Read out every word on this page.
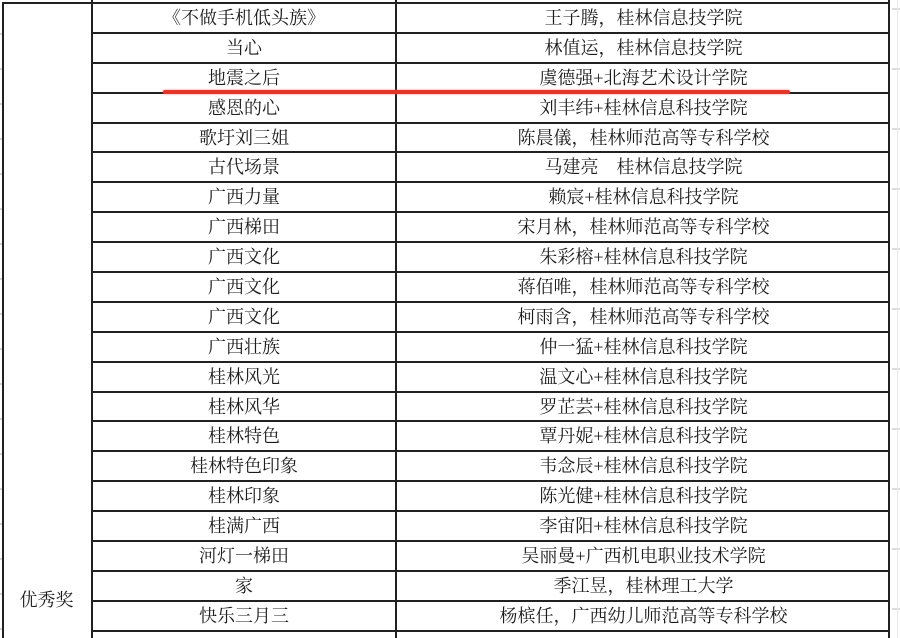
优秀奖
《不做手机低头族》	王子腾，桂林信息技学院
当心	林值运，桂林信息技学院
地震之后	虞德强+北海艺术设计学院
感恩的心	刘丰纬+桂林信息科技学院
歌圩刘三姐	陈晨儀，桂林师范高等专科学校
古代场景	马建亮　桂林信息技学院
广西力量	赖宸+桂林信息科技学院
广西梯田	宋月林，桂林师范高等专科学校
广西文化	朱彩榕+桂林信息科技学院
广西文化	蒋佰唯，桂林师范高等专科学校
广西文化	柯雨含，桂林师范高等专科学校
广西壮族	仲一猛+桂林信息科技学院
桂林风光	温文心+桂林信息科技学院
桂林风华	罗芷芸+桂林信息科技学院
桂林特色	覃丹妮+桂林信息科技学院
桂林特色印象	韦念辰+桂林信息科技学院
桂林印象	陈光健+桂林信息科技学院
桂满广西	李宙阳+桂林信息科技学院
河灯一梯田	吴丽曼+广西机电职业技术学院
家	季江昱，桂林理工大学
快乐三月三	杨槟任，广西幼儿师范高等专科学校
